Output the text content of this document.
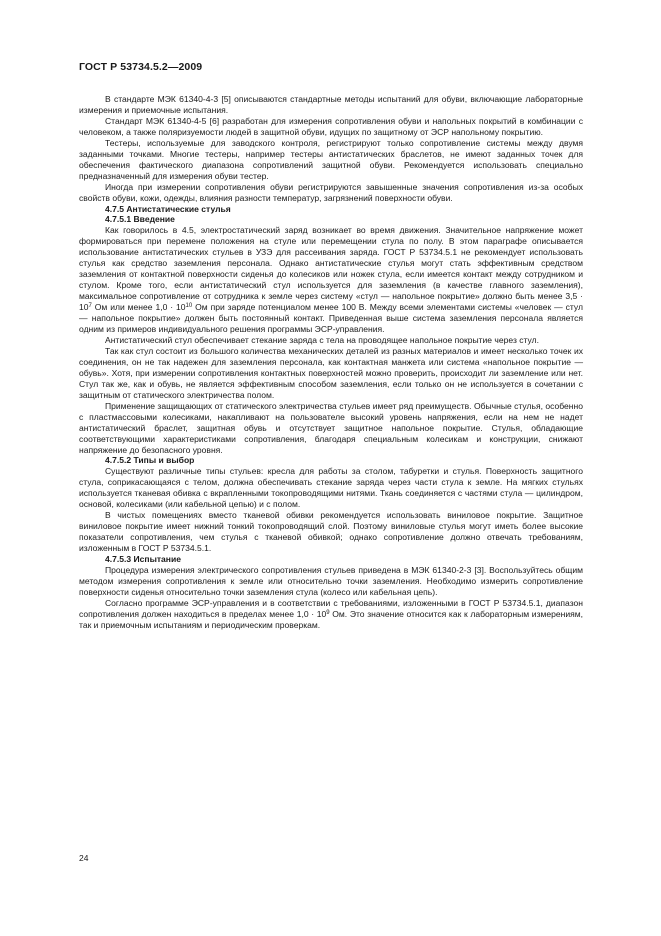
ГОСТ Р 53734.5.2—2009

В стандарте МЭК 61340-4-3 [5] описываются стандартные методы испытаний для обуви, включающие лабораторные измерения и приемочные испытания.

Стандарт МЭК 61340-4-5 [6] разработан для измерения сопротивления обуви и напольных покрытий в комбинации с человеком, а также поляризуемости людей в защитной обуви, идущих по защитному от ЭСР напольному покрытию.

Тестеры, используемые для заводского контроля, регистрируют только сопротивление системы между двумя заданными точками. Многие тестеры, например тестеры антистатических браслетов, не имеют заданных точек для обеспечения фактического диапазона сопротивлений защитной обуви. Рекомендуется использовать специально предназначенный для измерения обуви тестер.

Иногда при измерении сопротивления обуви регистрируются завышенные значения сопротивления из-за особых свойств обуви, кожи, одежды, влияния разности температур, загрязнений поверхности обуви.

4.7.5 Антистатические стулья
4.7.5.1 Введение

Как говорилось в 4.5, электростатический заряд возникает во время движения. Значительное напряжение может формироваться при перемене положения на стуле или перемещении стула по полу. В этом параграфе описывается использование антистатических стульев в УЗЭ для рассеивания заряда. ГОСТ Р 53734.5.1 не рекомендует использовать стулья как средство заземления персонала. Однако антистатические стулья могут стать эффективным средством заземления от контактной поверхности сиденья до колесиков или ножек стула, если имеется контакт между сотрудником и стулом. Кроме того, если антистатический стул используется для заземления (в качестве главного заземления), максимальное сопротивление от сотрудника к земле через систему «стул — напольное покрытие» должно быть менее $3,5 \cdot 10^7$ Ом или менее $1,0 \cdot 10^{10}$ Ом при заряде потенциалом менее 100 В. Между всеми элементами системы «человек — стул — напольное покрытие» должен быть постоянный контакт. Приведенная выше система заземления персонала является одним из примеров индивидуального решения программы ЭСР-управления.

Антистатический стул обеспечивает стекание заряда с тела на проводящее напольное покрытие через стул.

Так как стул состоит из большого количества механических деталей из разных материалов и имеет несколько точек их соединения, он не так надежен для заземления персонала, как контактная манжета или система «напольное покрытие — обувь». Хотя, при измерении сопротивления контактных поверхностей можно проверить, происходит ли заземление или нет. Стул так же, как и обувь, не является эффективным способом заземления, если только он не используется в сочетании с защитным от статического электричества полом.

Применение защищающих от статического электричества стульев имеет ряд преимуществ. Обычные стулья, особенно с пластмассовыми колесиками, накапливают на пользователе высокий уровень напряжения, если на нем не надет антистатический браслет, защитная обувь и отсутствует защитное напольное покрытие. Стулья, обладающие соответствующими характеристиками сопротивления, благодаря специальным колесикам и конструкции, снижают напряжение до безопасного уровня.

4.7.5.2 Типы и выбор

Существуют различные типы стульев: кресла для работы за столом, табуретки и стулья. Поверхность защитного стула, соприкасающаяся с телом, должна обеспечивать стекание заряда через части стула к земле. На мягких стульях используется тканевая обивка с вкрапленными токопроводящими нитями. Ткань соединяется с частями стула — цилиндром, основой, колесиками (или кабельной цепью) и с полом.

В чистых помещениях вместо тканевой обивки рекомендуется использовать виниловое покрытие. Защитное виниловое покрытие имеет нижний тонкий токопроводящий слой. Поэтому виниловые стулья могут иметь более высокие показатели сопротивления, чем стулья с тканевой обивкой; однако сопротивление должно отвечать требованиям, изложенным в ГОСТ Р 53734.5.1.

4.7.5.3 Испытание

Процедура измерения электрического сопротивления стульев приведена в МЭК 61340-2-3 [3]. Воспользуйтесь общим методом измерения сопротивления к земле или относительно точки заземления. Необходимо измерить сопротивление поверхности сиденья относительно точки заземления стула (колесо или кабельная цепь).

Согласно программе ЭСР-управления и в соответствии с требованиями, изложенными в ГОСТ Р 53734.5.1, диапазон сопротивления должен находиться в пределах менее $1,0 \cdot 10^9$ Ом. Это значение относится как к лабораторным измерениям, так и приемочным испытаниям и периодическим проверкам.

24
